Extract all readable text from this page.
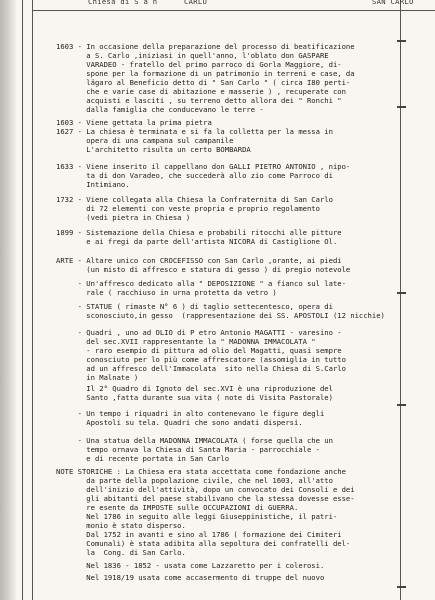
Chiesa di S a n	CARLO	SAN CARLO
1603 - In occasione della preparazione del processo di beatificazione
a S. Carlo ,iniziasi in quell'anno, l'oblato don GASPARE
VARADEO - fratello del primo parroco di Gorla Maggiore, di-
spone per la formazione di un patrimonio in terreni e case, da
lägaro al Beneficio detto di " San Carlo " ( circa I80 perti-
che e varie case di abitazione e masserie ) , recuperate con
acquisti e lasciti , su terreno detto allora dei " Ronchi "
dalla famiglia che conducevano le terre -
1603 - Viene gettata la prima pietra
1627 - La chiesa è terminata e si fa la colletta per la messa in
opera di una campana sul campanile
L'architetto risulta un certo BOMBARDA
1633 - Viene inserito il cappellano don GALLI PIETRO ANTONIO , nipo-
ta di don Varadeo, che succederà allo zio come Parroco di
Intimiano.
1732 - Viene collegata alla Chiesa la Confraternita di San Carlo
di 72 elementi con veste propria e proprio regolamento
(vedi pietra in Chiesa )
1899 - Sistemazione della Chiesa e probabili ritocchi alle pitture
e ai fregi da parte dell'artista NICORA di Castiglione Ol.
ARTE - Altare unico con CROCEFISSO con San Carlo ,orante, ai piedi
(un misto di affresco e statura di gesso ) di pregio notevole
- Un'affresco dedicato alla " DEPOSIZIONE " a fianco sul late-
rale ( racchiuso in urna protetta da vetro )
- STATUE ( rimaste N° 6 ) di taglio settecentesco, opera di
sconosciuto,in gesso  (rappresentazione dei SS. APOSTOLI (12 nicchie)
- Quadri , uno ad OLIO di P etro Antonio MAGATTI - varesino -
del sec.XVII rappresentante la " MADONNA IMMACOLATA "
- raro esempio di pittura ad olio del Magatti, quasi sempre
conosciuto per lo più come affrescatore (assomiglia in tutto
ad un affresco dell'Immacolata  sito nella Chiesa di S.Carlo
in Malnate )
Il 2° Quadro di Ignoto del sec.XVI è una riproduzione del
Santo ,fatta durante sua vita ( note di Visita Pastorale)
- Un tempo i riquadri in alto contenevano le figure degli
Apostoli su tela. Quadri che sono andati dispersi.
- Una statua della MADONNA IMMACOLATA ( forse quella che un
tempo ornava la Chiesa di Santa Maria - parrocchiale -
e di recente portata in San Carlo
NOTE STORICHE : La Chiesa era stata accettata come fondazione anche
da parte della popolazione civile, che nel 1603, all'atto
dell'inizio dell'attività, dopo un convocato dei Consoli e dei
gli abitanti del paese stabilivano che la stessa dovesse esse-
re esente da IMPOSTE sulle OCCUPAZIONI di GUERRA.
Nel 1786 in seguito alle leggi Giuseppinistiche, il patri-
monio è stato disperso.
Dal 1752 in avanti e sino al 1786 ( formazione dei Cimiteri
Comunali) è stata adibita alla sepoltura dei confratelli del-
la  Cong. di San Carlo.
Nel 1836 - 1852 - usata come Lazzaretto per i colerosi.
Nel 1918/19 usata come accasermento di truppe del nuovo
